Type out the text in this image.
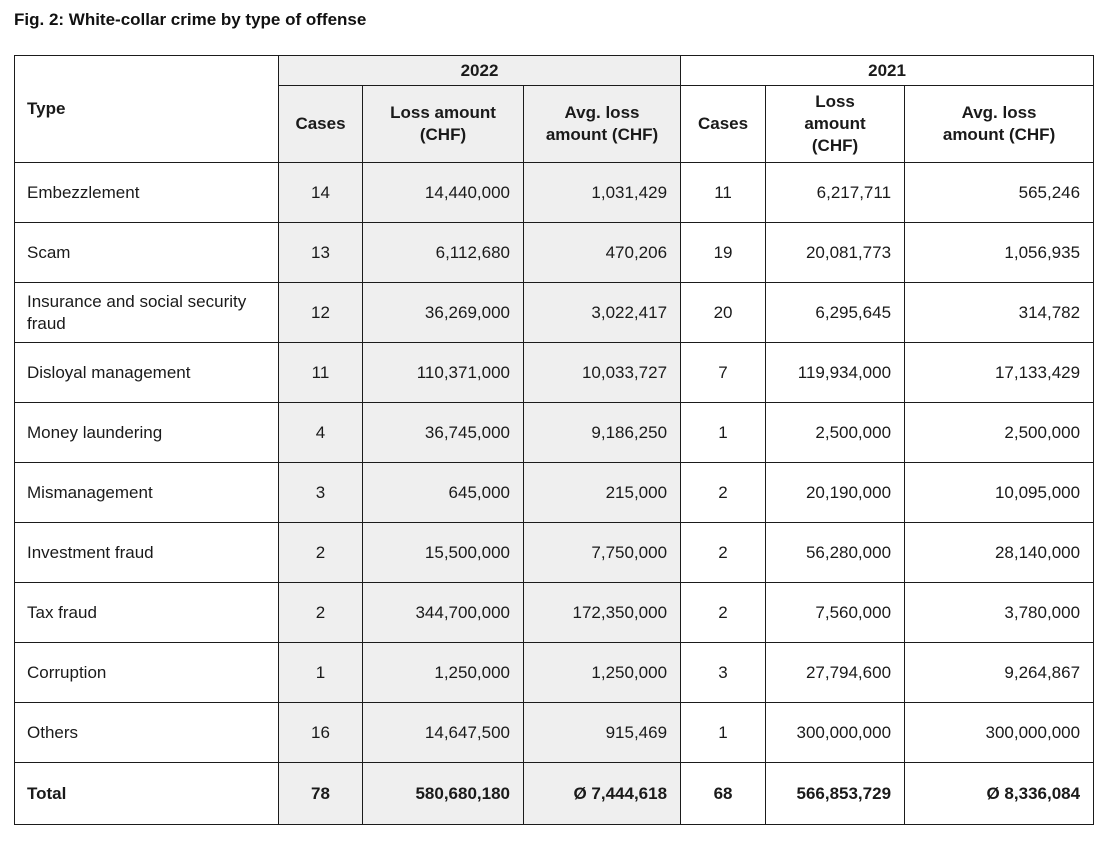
Fig. 2: White-collar crime by type of offense
Type	2022			2021		
	Cases	Loss amount (CHF)	Avg. loss amount (CHF)	Cases	Loss amount (CHF)	Avg. loss amount (CHF)
Embezzlement	14	14,440,000	1,031,429	11	6,217,711	565,246
Scam	13	6,112,680	470,206	19	20,081,773	1,056,935
Insurance and social security fraud	12	36,269,000	3,022,417	20	6,295,645	314,782
Disloyal management	11	110,371,000	10,033,727	7	119,934,000	17,133,429
Money laundering	4	36,745,000	9,186,250	1	2,500,000	2,500,000
Mismanagement	3	645,000	215,000	2	20,190,000	10,095,000
Investment fraud	2	15,500,000	7,750,000	2	56,280,000	28,140,000
Tax fraud	2	344,700,000	172,350,000	2	7,560,000	3,780,000
Corruption	1	1,250,000	1,250,000	3	27,794,600	9,264,867
Others	16	14,647,500	915,469	1	300,000,000	300,000,000
Total	78	580,680,180	Ø 7,444,618	68	566,853,729	Ø 8,336,084
